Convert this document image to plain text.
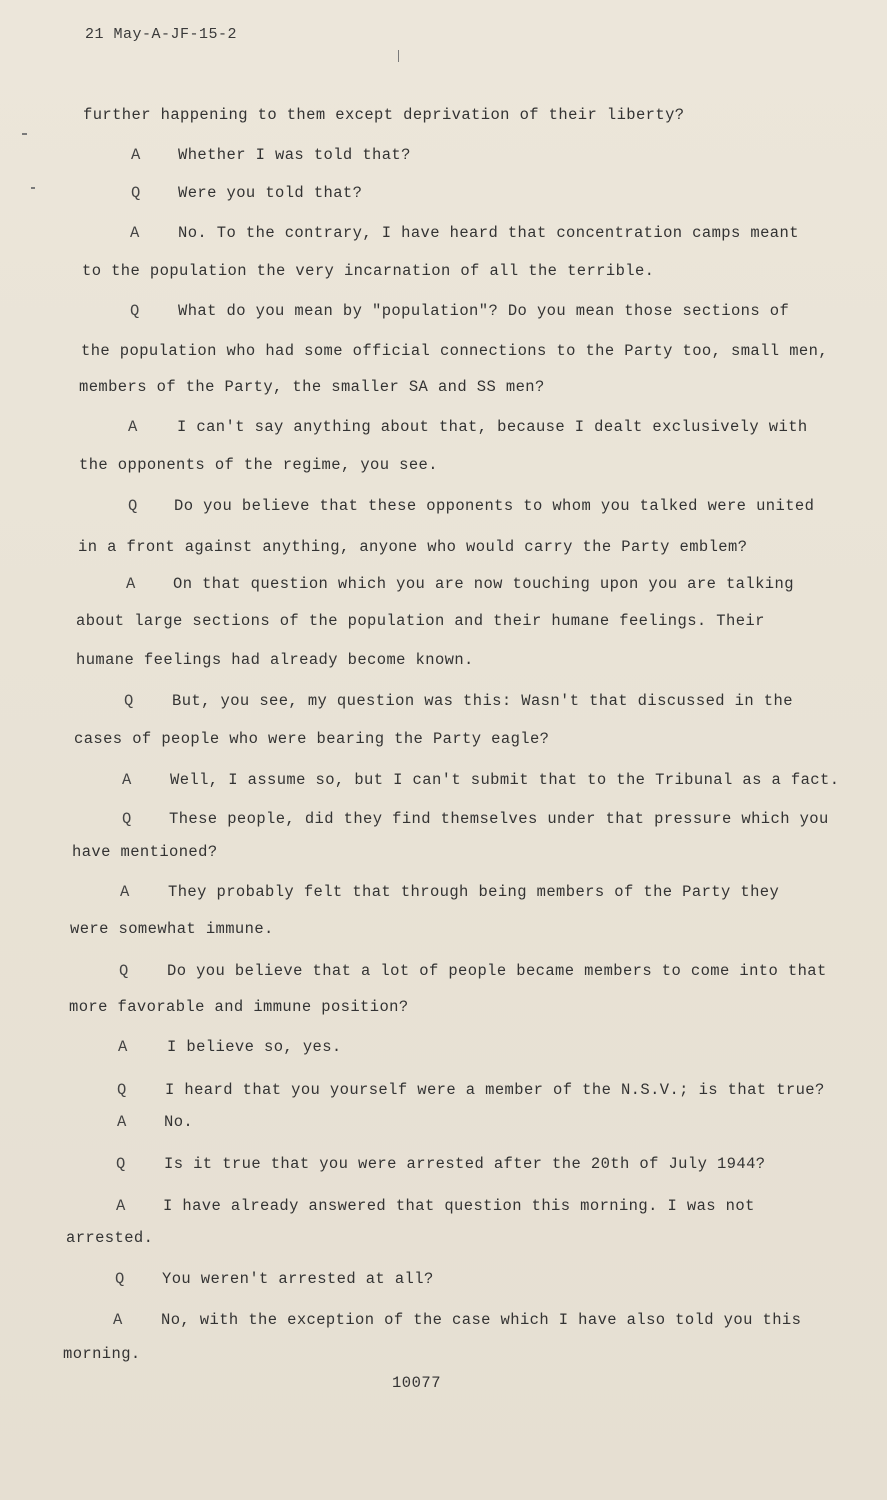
21 May-A-JF-15-2
further happening to them except deprivation of their liberty?
A Whether I was told that?
Q Were you told that?
A No. To the contrary, I have heard that concentration camps meant
to the population the very incarnation of all the terrible.
Q What do you mean by "population"? Do you mean those sections of
the population who had some official connections to the Party too, small men,
members of the Party, the smaller SA and SS men?
A	I can't say anything about that, because I dealt exclusively with
the opponents of the regime, you see.
Q Do you believe that these opponents to whom you talked were united
in a front against anything, anyone who would carry the Party emblem?
A On that question which you are now touching upon you are talking
about large sections of the population and their humane feelings. Their
humane feelings had already become known.
Q But, you see, my question was this: Wasn't that discussed in the
cases of people who were bearing the Party eagle?
A Well, I assume so, but I can't submit that to the Tribunal as a fact.
Q These people, did they find themselves under that pressure which you
have mentioned?
A They probably felt that through being members of the Party they
were somewhat immune.
Q Do you believe that a lot of people became members to come into that
more favorable and immune position?
A	I believe so, yes.
Q I heard that you yourself were a member of the N.S.V.; is that true?
A No.
Q Is it true that you were arrested after the 20th of July 1944?
A I have already answered that question this morning. I was not
arrested.
Q You weren't arrested at all?
A No, with the exception of the case which I have also told you this
morning.
10077
